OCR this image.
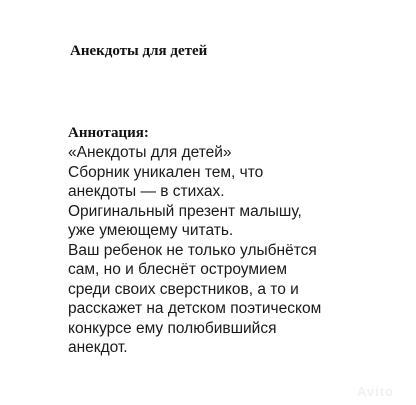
Анекдоты для детей

Аннотация:

«Анекдоты для детей»

Сборник уникален тем, что

анекдоты — в стихах.

Оригинальный презент малышу,

уже умеющему читать.

Ваш ребенок не только улыбнётся

сам, но и блеснёт остроумием

среди своих сверстников, а то и

расскажет на детском поэтическом

конкурсе ему полюбившийся

анекдот.

Avito
